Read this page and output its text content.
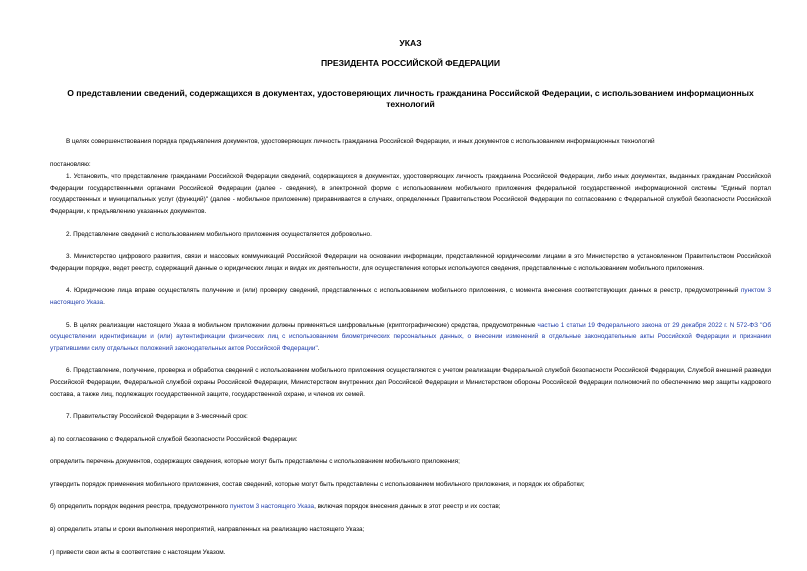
УКАЗ

ПРЕЗИДЕНТА РОССИЙСКОЙ ФЕДЕРАЦИИ

О представлении сведений, содержащихся в документах, удостоверяющих личность гражданина Российской Федерации, с использованием информационных технологий

В целях совершенствования порядка предъявления документов, удостоверяющих личность гражданина Российской Федерации, и иных документов с использованием информационных технологий

постановляю:

1. Установить, что представление гражданами Российской Федерации сведений, содержащихся в документах, удостоверяющих личность гражданина Российской Федерации, либо иных документах, выданных гражданам Российской Федерации государственными органами Российской Федерации (далее - сведения), в электронной форме с использованием мобильного приложения федеральной государственной информационной системы "Единый портал государственных и муниципальных услуг (функций)" (далее - мобильное приложение) приравнивается в случаях, определенных Правительством Российской Федерации по согласованию с Федеральной службой безопасности Российской Федерации, к предъявлению указанных документов.

2. Представление сведений с использованием мобильного приложения осуществляется добровольно.

3. Министерство цифрового развития, связи и массовых коммуникаций Российской Федерации на основании информации, представленной юридическими лицами в это Министерство в установленном Правительством Российской Федерации порядке, ведет реестр, содержащий данные о юридических лицах и видах их деятельности, для осуществления которых используются сведения, представленные с использованием мобильного приложения.

4. Юридические лица вправе осуществлять получение и (или) проверку сведений, представленных с использованием мобильного приложения, с момента внесения соответствующих данных в реестр, предусмотренный пунктом 3 настоящего Указа.

5. В целях реализации настоящего Указа в мобильном приложении должны применяться шифровальные (криптографические) средства, предусмотренные частью 1 статьи 19 Федерального закона от 29 декабря 2022 г. N 572-ФЗ "Об осуществлении идентификации и (или) аутентификации физических лиц с использованием биометрических персональных данных, о внесении изменений в отдельные законодательные акты Российской Федерации и признании утратившими силу отдельных положений законодательных актов Российской Федерации".

6. Представление, получение, проверка и обработка сведений с использованием мобильного приложения осуществляются с учетом реализации Федеральной службой безопасности Российской Федерации, Службой внешней разведки Российской Федерации, Федеральной службой охраны Российской Федерации, Министерством внутренних дел Российской Федерации и Министерством обороны Российской Федерации полномочий по обеспечению мер защиты кадрового состава, а также лиц, подлежащих государственной защите, государственной охране, и членов их семей.

7. Правительству Российской Федерации в 3-месячный срок:

а) по согласованию с Федеральной службой безопасности Российской Федерации:

определить перечень документов, содержащих сведения, которые могут быть представлены с использованием мобильного приложения;

утвердить порядок применения мобильного приложения, состав сведений, которые могут быть представлены с использованием мобильного приложения, и порядок их обработки;

б) определить порядок ведения реестра, предусмотренного пунктом 3 настоящего Указа, включая порядок внесения данных в этот реестр и их состав;

в) определить этапы и сроки выполнения мероприятий, направленных на реализацию настоящего Указа;

г) привести свои акты в соответствие с настоящим Указом.
